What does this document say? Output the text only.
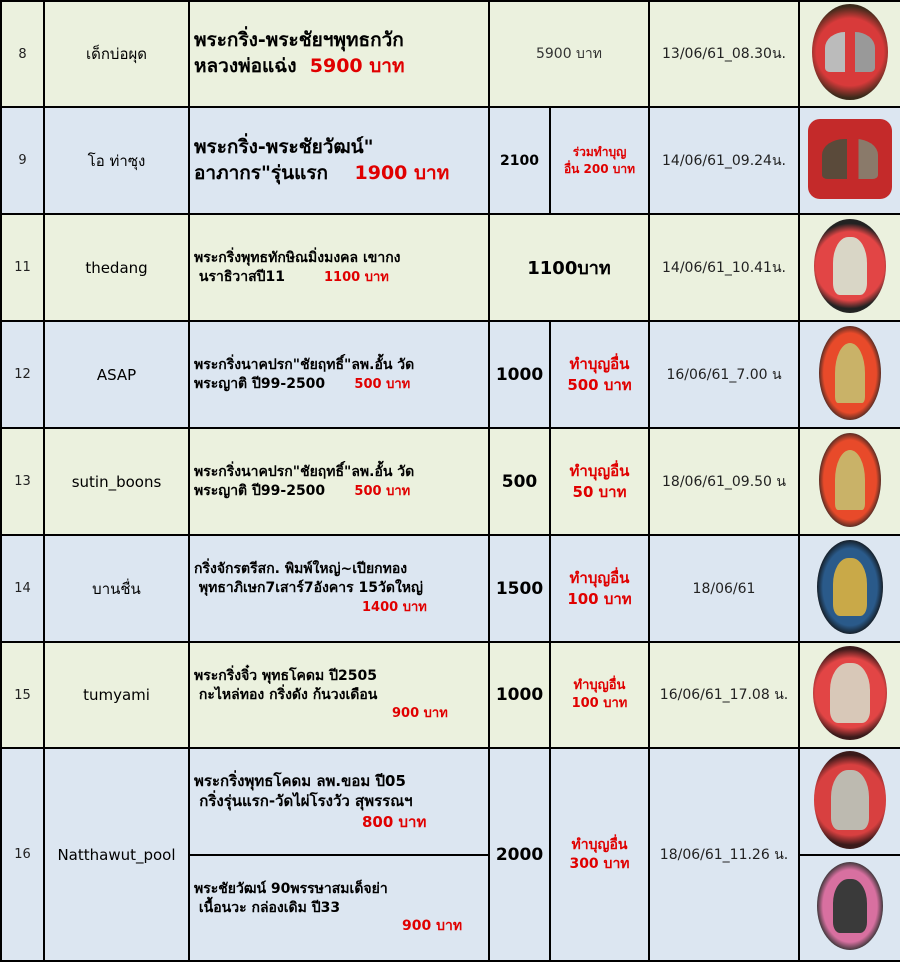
8	เด็กบ่อผุด	พระกริ่ง-พระชัยฯพุทธกวัก
หลวงพ่อแฉ่ง 5900 บาท	5900 บาท		13/06/61_08.30น.	

9	โอ ท่าซุง	พระกริ่ง-พระชัยวัฒน์"
อาภากร"รุ่นแรก 1900 บาท	2100	ร่วมทำบุญ
อื่น 200 บาท	14/06/61_09.24น.	

11	thedang	พระกริ่งพุทธทักษิณมิ่งมงคล เขากง
นราธิวาสปี11 1100 บาท	1100บาท		14/06/61_10.41น.	

12	ASAP	พระกริ่งนาคปรก"ชัยฤทธิ์"ลพ.อั้น วัด
พระญาติ ปี99-2500 500 บาท	1000	ทำบุญอื่น
500 บาท	16/06/61_7.00 น	

13	sutin_boons	พระกริ่งนาคปรก"ชัยฤทธิ์"ลพ.อั้น วัด
พระญาติ ปี99-2500 500 บาท	500	ทำบุญอื่น
50 บาท	18/06/61_09.50 น	

14	บานชื่น	กริ่งจักรตรีสก. พิมพ์ใหญ่~เปียกทอง
พุทธาภิเษก7เสาร์7อังคาร 15วัดใหญ่
1400 บาท	1500	ทำบุญอื่น
100 บาท	18/06/61	

15	tumyami	พระกริ่งจิ๋ว พุทธโคดม ปี2505
กะไหล่ทอง กริ่งดัง ก้นวงเดือน
900 บาท	1000	ทำบุญอื่น
100 บาท	16/06/61_17.08 น.	

16	Natthawut_pool	พระกริ่งพุทธโคดม ลพ.ขอม ปี05
กริ่งรุ่นแรก-วัดไผ่โรงวัว สุพรรณฯ
800 บาท	2000	ทำบุญอื่น
300 บาท	18/06/61_11.26 น.	

		พระชัยวัฒน์ 90พรรษาสมเด็จย่า
เนื้อนวะ กล่องเดิม ปี33
900 บาท				
